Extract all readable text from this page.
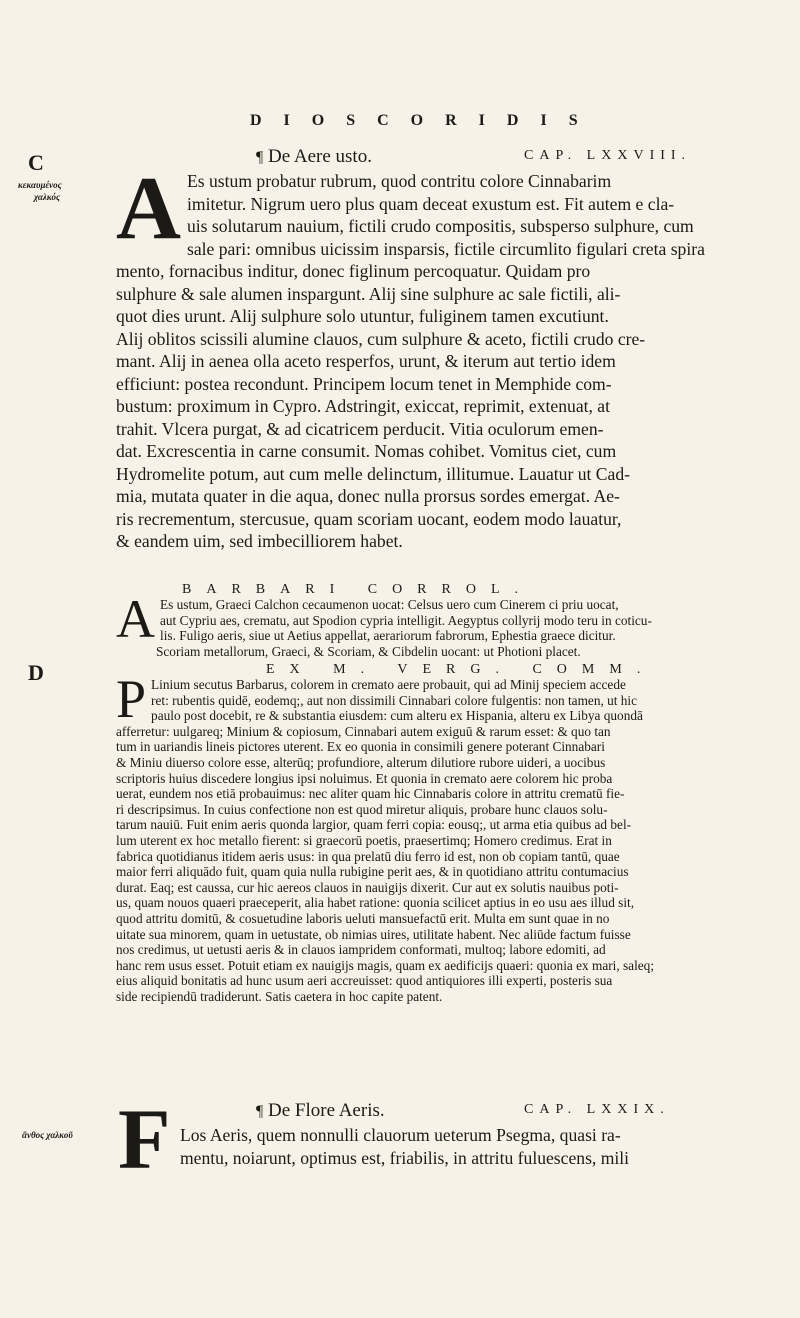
DIOSCORIDIS
C
κεκαυμένος
χαλκός
D
ἄνθος χαλκοῦ
¶ De Aere usto.	CAP. LXXVIII.
A Es ustum probatur rubrum, quod contritu colore Cinnabarim

imitetur. Nigrum uero plus quam deceat exustum est. Fit autem e cla-

uis solutarum nauium, fictili crudo compositis, subsperso sulphure, cum

sale pari: omnibus uicissim insparsis, fictile circumlito figulari creta spira

mento, fornacibus inditur, donec figlinum percoquatur. Quidam pro

sulphure & sale alumen inspargunt. Alij sine sulphure ac sale fictili, ali-

quot dies urunt. Alij sulphure solo utuntur, fuliginem tamen excutiunt.

Alij oblitos scissili alumine clauos, cum sulphure & aceto, fictili crudo cre-

mant. Alij in aenea olla aceto resperfos, urunt, & iterum aut tertio idem

efficiunt: postea recondunt. Principem locum tenet in Memphide com-

bustum: proximum in Cypro. Adstringit, exiccat, reprimit, extenuat, at

trahit. Vlcera purgat, & ad cicatricem perducit. Vitia oculorum emen-

dat. Excrescentia in carne consumit. Nomas cohibet. Vomitus ciet, cum

Hydromelite potum, aut cum melle delinctum, illitumue. Lauatur ut Cad-

mia, mutata quater in die aqua, donec nulla prorsus sordes emergat. Ae-

ris recrementum, stercusue, quam scoriam uocant, eodem modo lauatur,

& eandem uim, sed imbecilliorem habet.

BARBARI CORROL.
A Es ustum, Graeci Calchon cecaumenon uocat: Celsus uero cum Cinerem ci priu uocat,

aut Cypriu aes, crematu, aut Spodion cypria intelligit. Aegyptus collyrij modo teru in coticu-

lis. Fuligo aeris, siue ut Aetius appellat, aerariorum fabrorum, Ephestia graece dicitur.

Scoriam metallorum, Graeci, & Scoriam, & Cibdelin uocant: ut Photioni placet.

EX M. VERG. COMM.
P Linium secutus Barbarus, colorem in cremato aere probauit, qui ad Minij speciem accede

ret: rubentis quidē, eodemq;, aut non dissimili Cinnabari colore fulgentis: non tamen, ut hic

paulo post docebit, re & substantia eiusdem: cum alteru ex Hispania, alteru ex Libya quondā

afferretur: uulgareq; Minium & copiosum, Cinnabari autem exiguū & rarum esset: & quo tan

tum in uariandis lineis pictores uterent. Ex eo quonia in consimili genere poterant Cinnabari

& Miniu diuerso colore esse, alterūq; profundiore, alterum dilutiore rubore uideri, a uocibus

scriptoris huius discedere longius ipsi noluimus. Et quonia in cremato aere colorem hic proba

uerat, eundem nos etiā probauimus: nec aliter quam hic Cinnabaris colore in attritu crematū fie-

ri descripsimus. In cuius confectione non est quod miretur aliquis, probare hunc clauos solu-

tarum nauiū. Fuit enim aeris quonda largior, quam ferri copia: eousq;, ut arma etia quibus ad bel-

lum uterent ex hoc metallo fierent: si graecorū poetis, praesertimq; Homero credimus. Erat in

fabrica quotidianus itidem aeris usus: in qua prelatū diu ferro id est, non ob copiam tantū, quae

maior ferri aliquādo fuit, quam quia nulla rubigine perit aes, & in quotidiano attritu contumacius

durat. Eaq; est caussa, cur hic aereos clauos in nauigijs dixerit. Cur aut ex solutis nauibus poti-

us, quam nouos quaeri praeceperit, alia habet ratione: quonia scilicet aptius in eo usu aes illud sit,

quod attritu domitū, & cosuetudine laboris ueluti mansuefactū erit. Multa em sunt quae in no

uitate sua minorem, quam in uetustate, ob nimias uires, utilitate habent. Nec aliūde factum fuisse

nos credimus, ut uetusti aeris & in clauos iampridem conformati, multoq; labore edomiti, ad

hanc rem usus esset. Potuit etiam ex nauigijs magis, quam ex aedificijs quaeri: quonia ex mari, saleq;

eius aliquid bonitatis ad hunc usum aeri accreuisset: quod antiquiores illi experti, posteris sua

side recipiendū tradiderunt. Satis caetera in hoc capite patent.

F	¶ De Flore Aeris.	CAP. LXXIX.

Los Aeris, quem nonnulli clauorum ueterum Psegma, quasi ra-

mentu, noiarunt, optimus est, friabilis, in attritu fuluescens, mili
